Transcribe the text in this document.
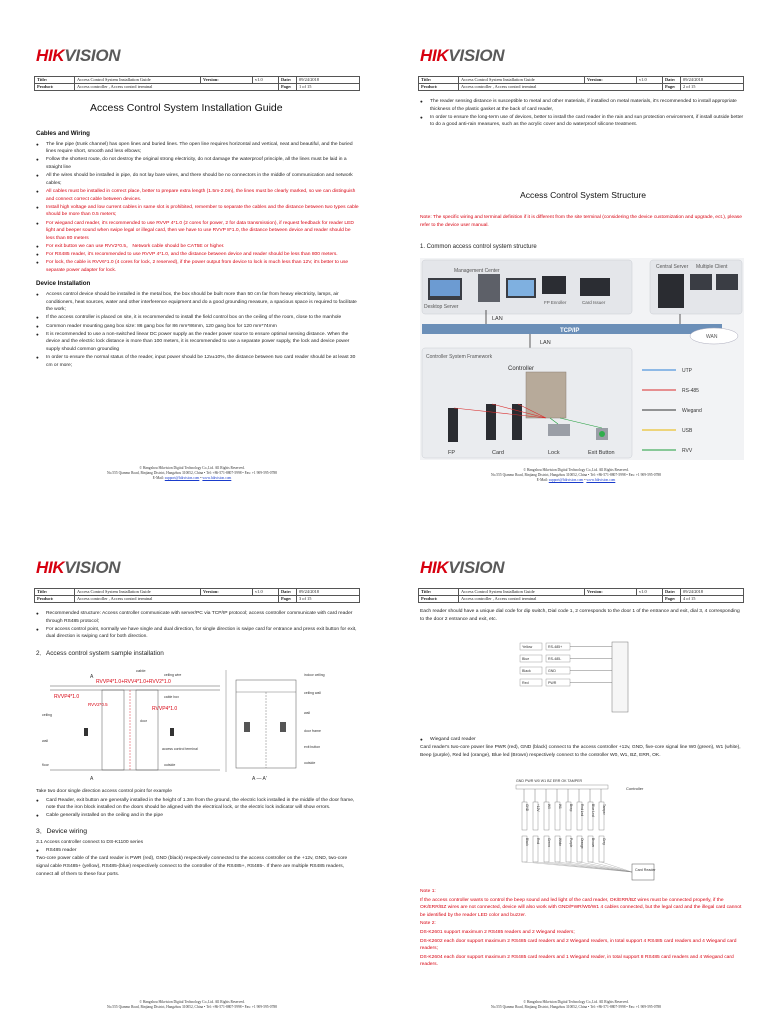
HIKVISION
Title:	Access Control System Installation Guide	Version:	v1.0	Date:	09/24/2018
Product:	Access controller , Access control terminal			Page:	1 of 15
Access Control System Installation Guide
Cables and Wiring
● The line pipe (trunk channel) has open lines and buried lines. The open line requires horizontal and vertical, neat and beautiful, and the buried lines require short, smooth and less elbows;
● Follow the shortest route, do not destroy the original strong electricity, do not damage the waterproof principle, all the lines must be laid in a straight line
● All the wires should be installed in pipe, do not lay bare wires, and there should be no connectors in the middle of communication and network cables;
● All cables must be installed in correct place, better to prepare extra length (1.5m-2.0m), the lines must be clearly marked, so we can distinguish and connect correct cable between devices.
● Install high voltage and low current cables in same slot is prohibited, remember to separate the cables and the distance between two types cable should be more than 0.5 meters;
● For wiegand card reader, it's recommended to use RVVP 4*1.0 (2 cores for power, 2 for data transmission), if request feedback for reader LED light and beeper sound when swipe legal or illegal card, then we have to use RVVP 8*1.0, the distance between device and reader should be less than 80 meters
● For exit button we can use RVV2*0.5。 Network cable should be CAT5E or higher.
● For RS485 reader, it's recommended to use RVVP 4*1.0, and the distance between device and reader should be less than 800 meters.
● For lock, the cable is RVV6*1.0 (4 cores for lock, 2 reserved), if the power output from device to lock is much less than 12V, it's better to use separate power adapter for lock.
Device Installation
● Access control device should be installed in the metal box, the box should be built more than 50 cm far from heavy electricity, lamps, air conditioners, heat sources, water and other interference equipment and do a good grounding measure, a spacious space is required to facilitate the work;
● If the access controller is placed on site, it is recommended to install the field control box on the ceiling of the room, close to the manhole
● Common reader mounting gang box size: 86 gang box for 86 mm*86mm, 120 gang box for 120 mm*74mm
● It is recommended to use a non-switched linear DC power supply as the reader power source to ensure optimal sensing distance. When the device and the electric lock distance is more than 100 meters, it is recommended to use a separate power supply, the lock and device power supply should common grounding
● In order to ensure the normal status of the reader, input power should be 12v±10%, the distance between two card reader should be at least 30 cm or more;
© Hangzhou Hikvision Digital Technology Co.,Ltd. All Rights Reserved.
No.555 Qianmo Road, Binjiang District, Hangzhou 310052, China • Tel: +86-571-8807-5998 • Fax: +1 909-595-0788
E-Mail: support@hikvision.com • www.hikvision.com
HIKVISION
Title:	Access Control System Installation Guide	Version:	v1.0	Date:	09/24/2018
Product:	Access controller , Access control terminal			Page:	2 of 15
● The reader sensing distance is susceptible to metal and other materials, if installed on metal materials, it's recommended to install appropriate thickness of the plastic gasket at the back of card reader,
● In order to ensure the long-term use of devices, better to install the card reader in the rain and sun protection environment, if install outside better to do a good anti-rain measures, such as the acrylic cover and do waterproof silicone treatment.
Access Control System Structure
Note: The specific wiring and terminal definition if it is different from the site terminal (considering the device customization and upgrade, ect.), please refer to the device user manual.
1. Common access control system structure
Management Center
Central Server Multiple Client
Desktop Server
FP Enroller	Card Issuer
LAN
TCP/IP
WAN
LAN
Controller System Framework
Controller
FP	Card	Lock	Exit Button
UTP
RS-485
Wiegand
USB
RVV
© Hangzhou Hikvision Digital Technology Co.,Ltd. All Rights Reserved.
No.555 Qianmo Road, Binjiang District, Hangzhou 310052, China • Tel: +86-571-8807-5998 • Fax: +1 909-595-0788
E-Mail: support@hikvision.com • www.hikvision.com
HIKVISION
Title:	Access Control System Installation Guide	Version:	v1.0	Date:	09/24/2018
Product:	Access controller , Access control terminal			Page:	3 of 15
● Recommended structure: Access controller communicate with server/PC via TCP/IP protocol; access controller communicate with card reader through RS485 protocol;
● For access control point, normally we have single and dual direction, for single direction is swipe card for entrance and press exit button for exit, dual direction is swiping card for both direction.
2．Access control system sample installation
cable
RVVP4*1.0+RVV4*1.0+RVV2*1.0
RVVP4*1.0
RVV2*0.5
RVVP4*1.0
A
A
ceiling
wall
floor
ceiling wire
cable box
door
access control terminal
outside
indoor ceiling
ceiling wall
wall
door frame
exit button
outside
A — A'

Take two door single direction access control point for example

● Card Reader, exit button are generally installed in the height of 1.3m from the ground, the electric lock installed in the middle of the door frame, note that the iron block installed on the doors should be aligned with the electrical lock, or the electric lock indicator will show errors.
● Cable generally installed on the ceiling and in the pipe
3．Device wiring

3.1 Access controller connect to DS-K1100 series

● RS485 reader

Two-core power cable of the card reader is PWR (red), GND (black) respectively connected to the access controller on the +12v, GND, two-core signal cable RS485+ (yellow), RS485-(blue) respectively connect to the controller of the RS485+, RS485-. If there are multiple RS485 readers, connect all of them to these four ports.

© Hangzhou Hikvision Digital Technology Co.,Ltd. All Rights Reserved.
No.555 Qianmo Road, Binjiang District, Hangzhou 310052, China • Tel: +86-571-8807-5998 • Fax: +1 909-595-0788
HIKVISION
Title:	Access Control System Installation Guide	Version:	v1.0	Date:	09/24/2018
Product:	Access controller , Access control terminal			Page:	4 of 15
Each reader should have a unique dial code for dip switch, Dial code 1, 2 corresponds to the door 1 of the entrance and exit, dial 3, 4 corresponding to the door 2 entrance and exit, etc.
Yellow	RS-485+
Blue	RS-485-
Black	GND
Red	PWR
● Wiegand card reader

Card reader's two-core power line PWR (red), GND (black) connect to the access controller +12v, GND, five-core signal line W0 (green), W1 (white), Beep (purple), Red led (orange), Blue led (Brown) respectively connect to the controller W0, W1, BZ, ERR, OK.

GND PWR W0 W1 BZ ERR OK TAMPER
Controller
GND
Black
+12V
Red
W0
Green
W1
White
Beep
Purple
Red Led
Orange
Blue Led
Brown
Tamper
Grey
Card Reader

Note 1:

If the access controller wants to control the beep sound and led light of the card reader, OK/ERR/BZ wires must be connected properly, if the OK/ERR/BZ wires are not connected, device will also work with GND/PWR/W0/W1 4 cables connected, but the legal card and the illegal card cannot be identified by the reader LED color and buzzer.

Note 2:

DS-K2601 support maximum 2 RS485 readers and 2 Wiegand readers;

DS-K2602 each door support maximum 2 RS485 card readers and 2 Wiegand readers, in total support 4 RS485 card readers and 4 Wiegand card readers;

DS-K2604 each door support maximum 2 RS485 card readers and 1 Wiegand reader, in total support 8 RS485 card readers and 4 Wiegand card readers.

© Hangzhou Hikvision Digital Technology Co.,Ltd. All Rights Reserved.
No.555 Qianmo Road, Binjiang District, Hangzhou 310052, China • Tel: +86-571-8807-5998 • Fax: +1 909-595-0788
